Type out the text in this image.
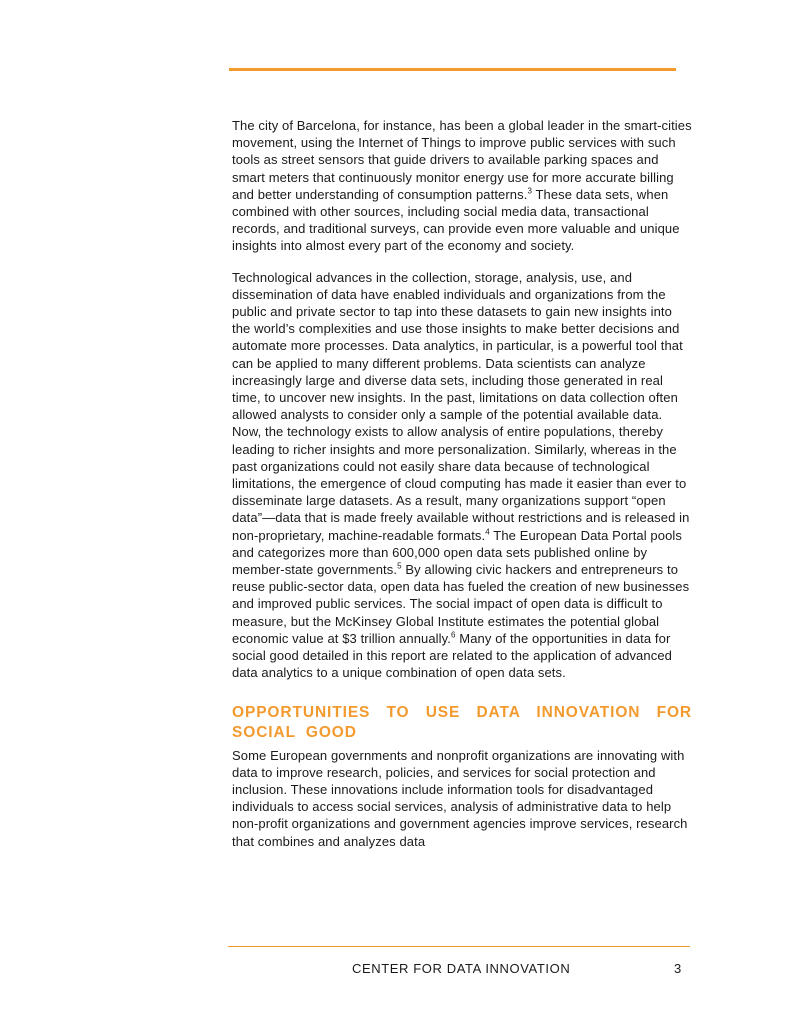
The city of Barcelona, for instance, has been a global leader in the smart-cities movement, using the Internet of Things to improve public services with such tools as street sensors that guide drivers to available parking spaces and smart meters that continuously monitor energy use for more accurate billing and better understanding of consumption patterns.$^3$ These data sets, when combined with other sources, including social media data, transactional records, and traditional surveys, can provide even more valuable and unique insights into almost every part of the economy and society.

Technological advances in the collection, storage, analysis, use, and dissemination of data have enabled individuals and organizations from the public and private sector to tap into these datasets to gain new insights into the world’s complexities and use those insights to make better decisions and automate more processes. Data analytics, in particular, is a powerful tool that can be applied to many different problems. Data scientists can analyze increasingly large and diverse data sets, including those generated in real time, to uncover new insights. In the past, limitations on data collection often allowed analysts to consider only a sample of the potential available data. Now, the technology exists to allow analysis of entire populations, thereby leading to richer insights and more personalization. Similarly, whereas in the past organizations could not easily share data because of technological limitations, the emergence of cloud computing has made it easier than ever to disseminate large datasets. As a result, many organizations support “open data”—data that is made freely available without restrictions and is released in non-proprietary, machine-readable formats.$^4$ The European Data Portal pools and categorizes more than 600,000 open data sets published online by member-state governments.$^5$ By allowing civic hackers and entrepreneurs to reuse public-sector data, open data has fueled the creation of new businesses and improved public services. The social impact of open data is difficult to measure, but the McKinsey Global Institute estimates the potential global economic value at $3 trillion annually.$^6$ Many of the opportunities in data for social good detailed in this report are related to the application of advanced data analytics to a unique combination of open data sets.

OPPORTUNITIES TO USE DATA INNOVATION FOR SOCIAL GOOD

Some European governments and nonprofit organizations are innovating with data to improve research, policies, and services for social protection and inclusion. These innovations include information tools for disadvantaged individuals to access social services, analysis of administrative data to help non-profit organizations and government agencies improve services, research that combines and analyzes data

CENTER FOR DATA INNOVATION	3
